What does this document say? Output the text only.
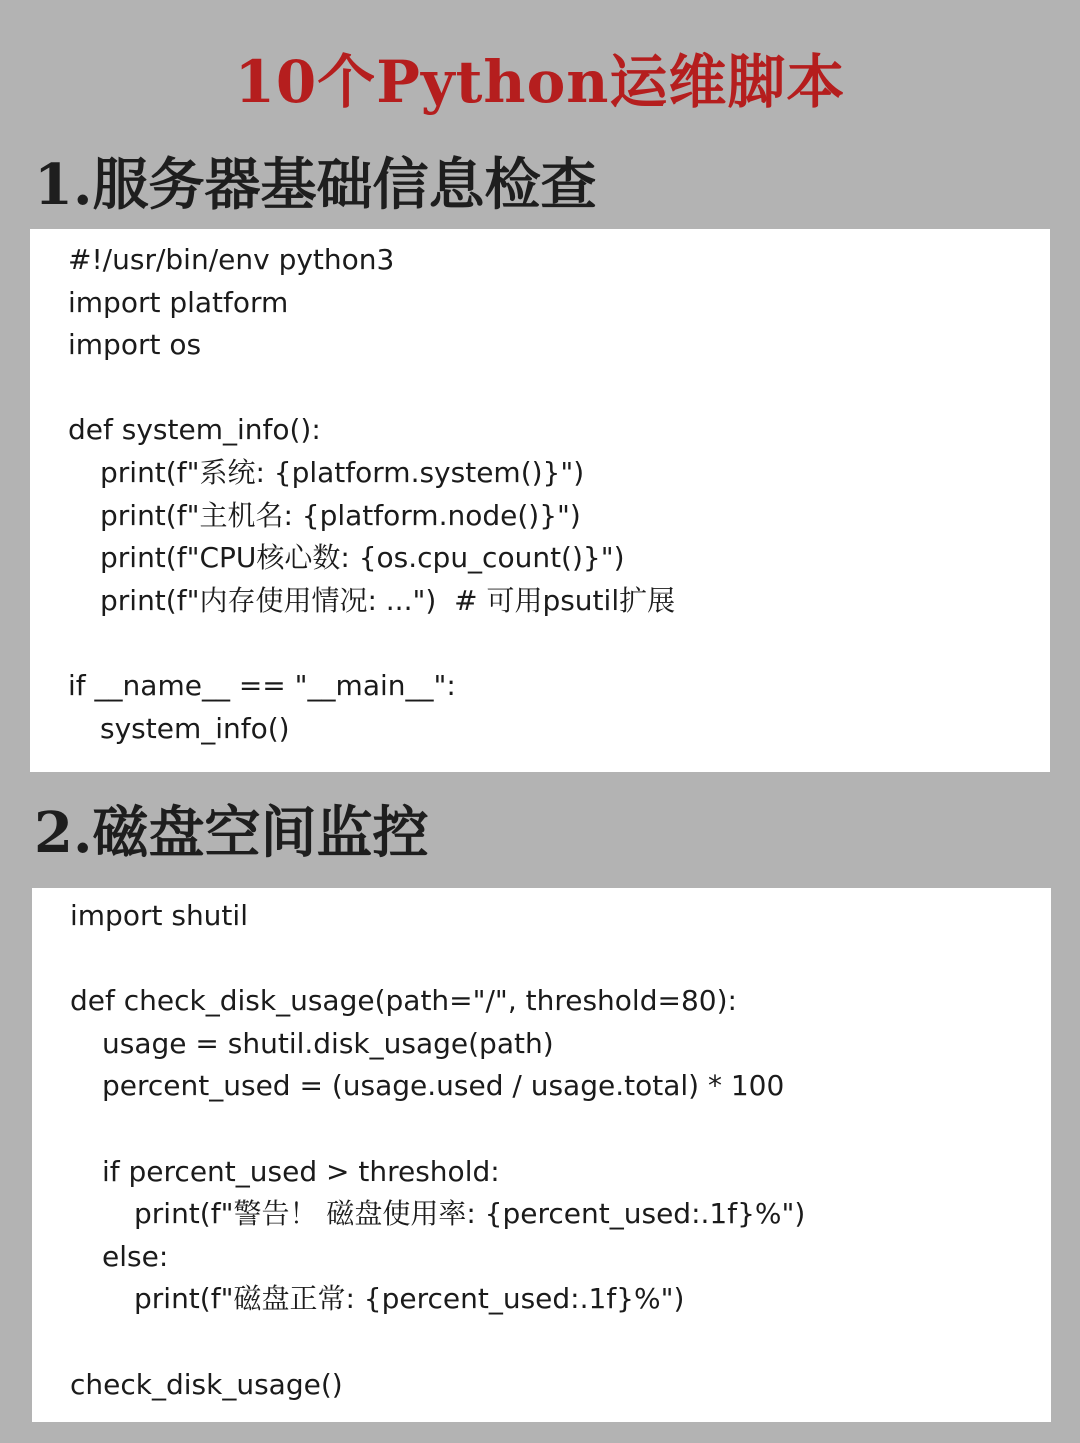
10个Python运维脚本
1.服务器基础信息检查
#!/usr/bin/env python3
import platform
import os
def system_info():
print(f"系统: {platform.system()}")
print(f"主机名: {platform.node()}")
print(f"CPU核心数: {os.cpu_count()}")
print(f"内存使用情况: ...")  # 可用psutil扩展
if __name__ == "__main__":
system_info()
2.磁盘空间监控
import shutil
def check_disk_usage(path="/", threshold=80):
usage = shutil.disk_usage(path)
percent_used = (usage.used / usage.total) * 100
if percent_used > threshold:
print(f"警告！ 磁盘使用率: {percent_used:.1f}%")
else:
print(f"磁盘正常: {percent_used:.1f}%")
check_disk_usage()
